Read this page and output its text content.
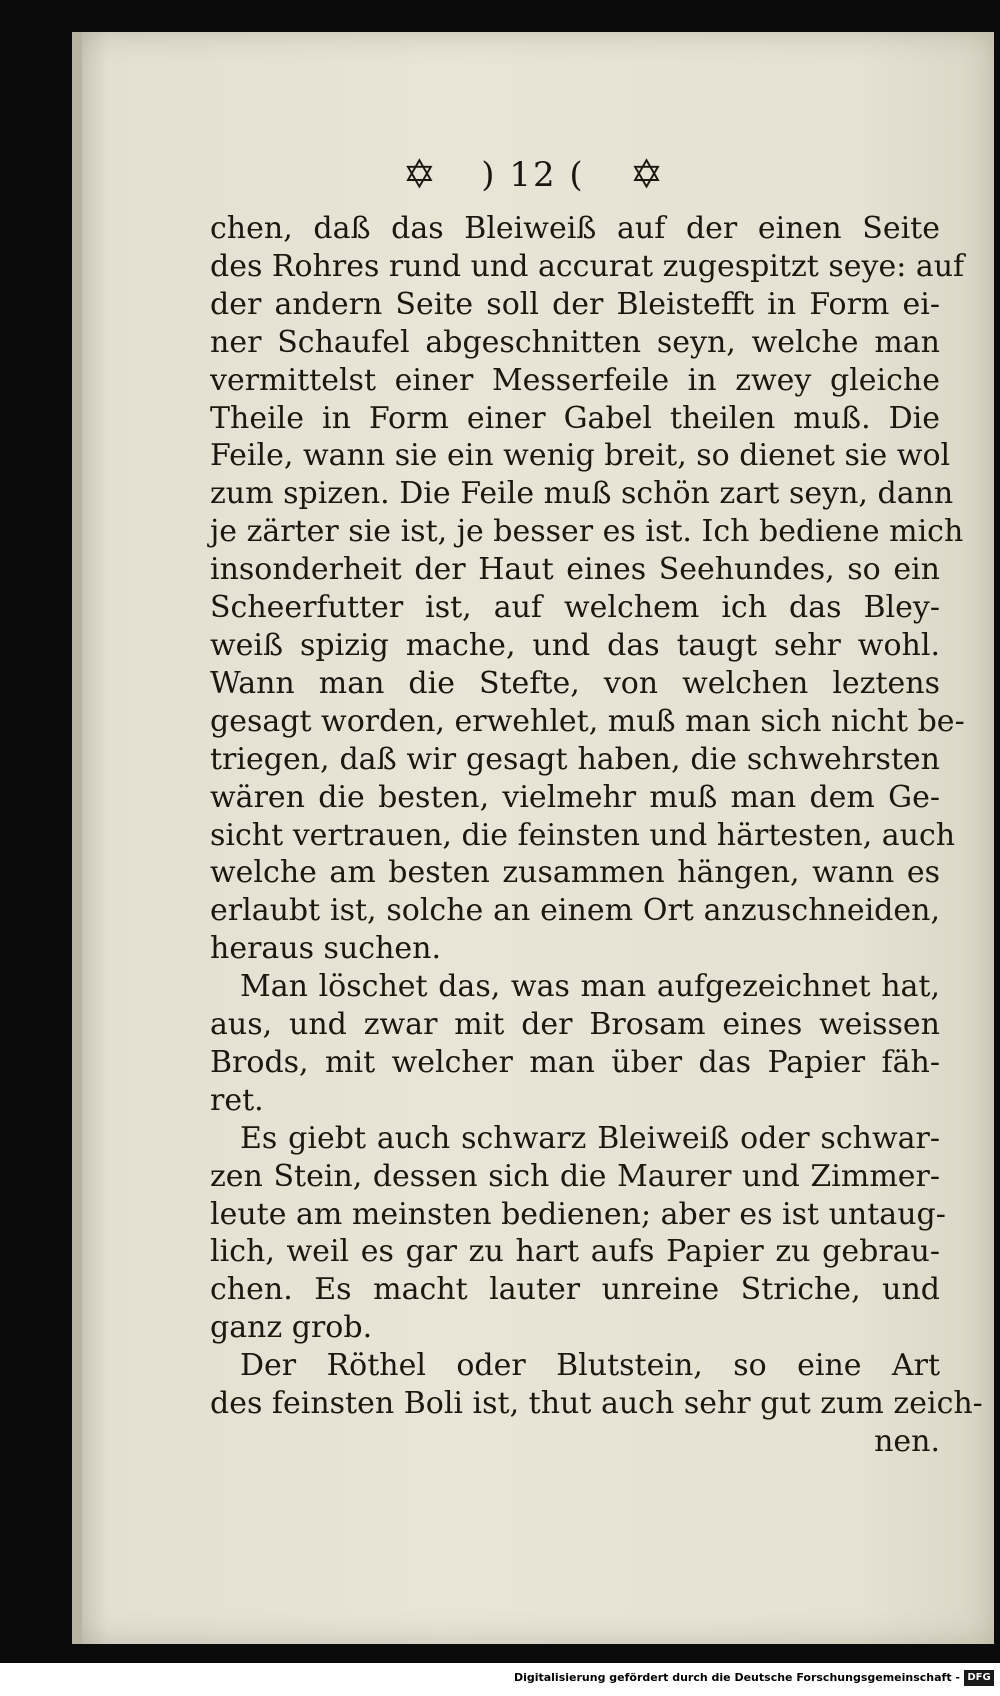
✡ ) 12 ( ✡
chen, daß das Bleiweiß auf der einen Seite
des Rohres rund und accurat zugespitzt seye: auf
der andern Seite soll der Bleistefft in Form ei-
ner Schaufel abgeschnitten seyn, welche man
vermittelst einer Messerfeile in zwey gleiche
Theile in Form einer Gabel theilen muß. Die
Feile, wann sie ein wenig breit, so dienet sie wol
zum spizen. Die Feile muß schön zart seyn, dann
je zärter sie ist, je besser es ist. Ich bediene mich
insonderheit der Haut eines Seehundes, so ein
Scheerfutter ist, auf welchem ich das Bley-
weiß spizig mache, und das taugt sehr wohl.
Wann man die Stefte, von welchen leztens
gesagt worden, erwehlet, muß man sich nicht be-
triegen, daß wir gesagt haben, die schwehrsten
wären die besten, vielmehr muß man dem Ge-
sicht vertrauen, die feinsten und härtesten, auch
welche am besten zusammen hängen, wann es
erlaubt ist, solche an einem Ort anzuschneiden,
heraus suchen.
Man löschet das, was man aufgezeichnet hat,
aus, und zwar mit der Brosam eines weissen
Brods, mit welcher man über das Papier fäh-
ret.
Es giebt auch schwarz Bleiweiß oder schwar-
zen Stein, dessen sich die Maurer und Zimmer-
leute am meinsten bedienen; aber es ist untaug-
lich, weil es gar zu hart aufs Papier zu gebrau-
chen. Es macht lauter unreine Striche, und
ganz grob.
Der Röthel oder Blutstein, so eine Art
des feinsten Boli ist, thut auch sehr gut zum zeich-
nen.
Digitalisierung gefördert durch die Deutsche Forschungsgemeinschaft - DFG
